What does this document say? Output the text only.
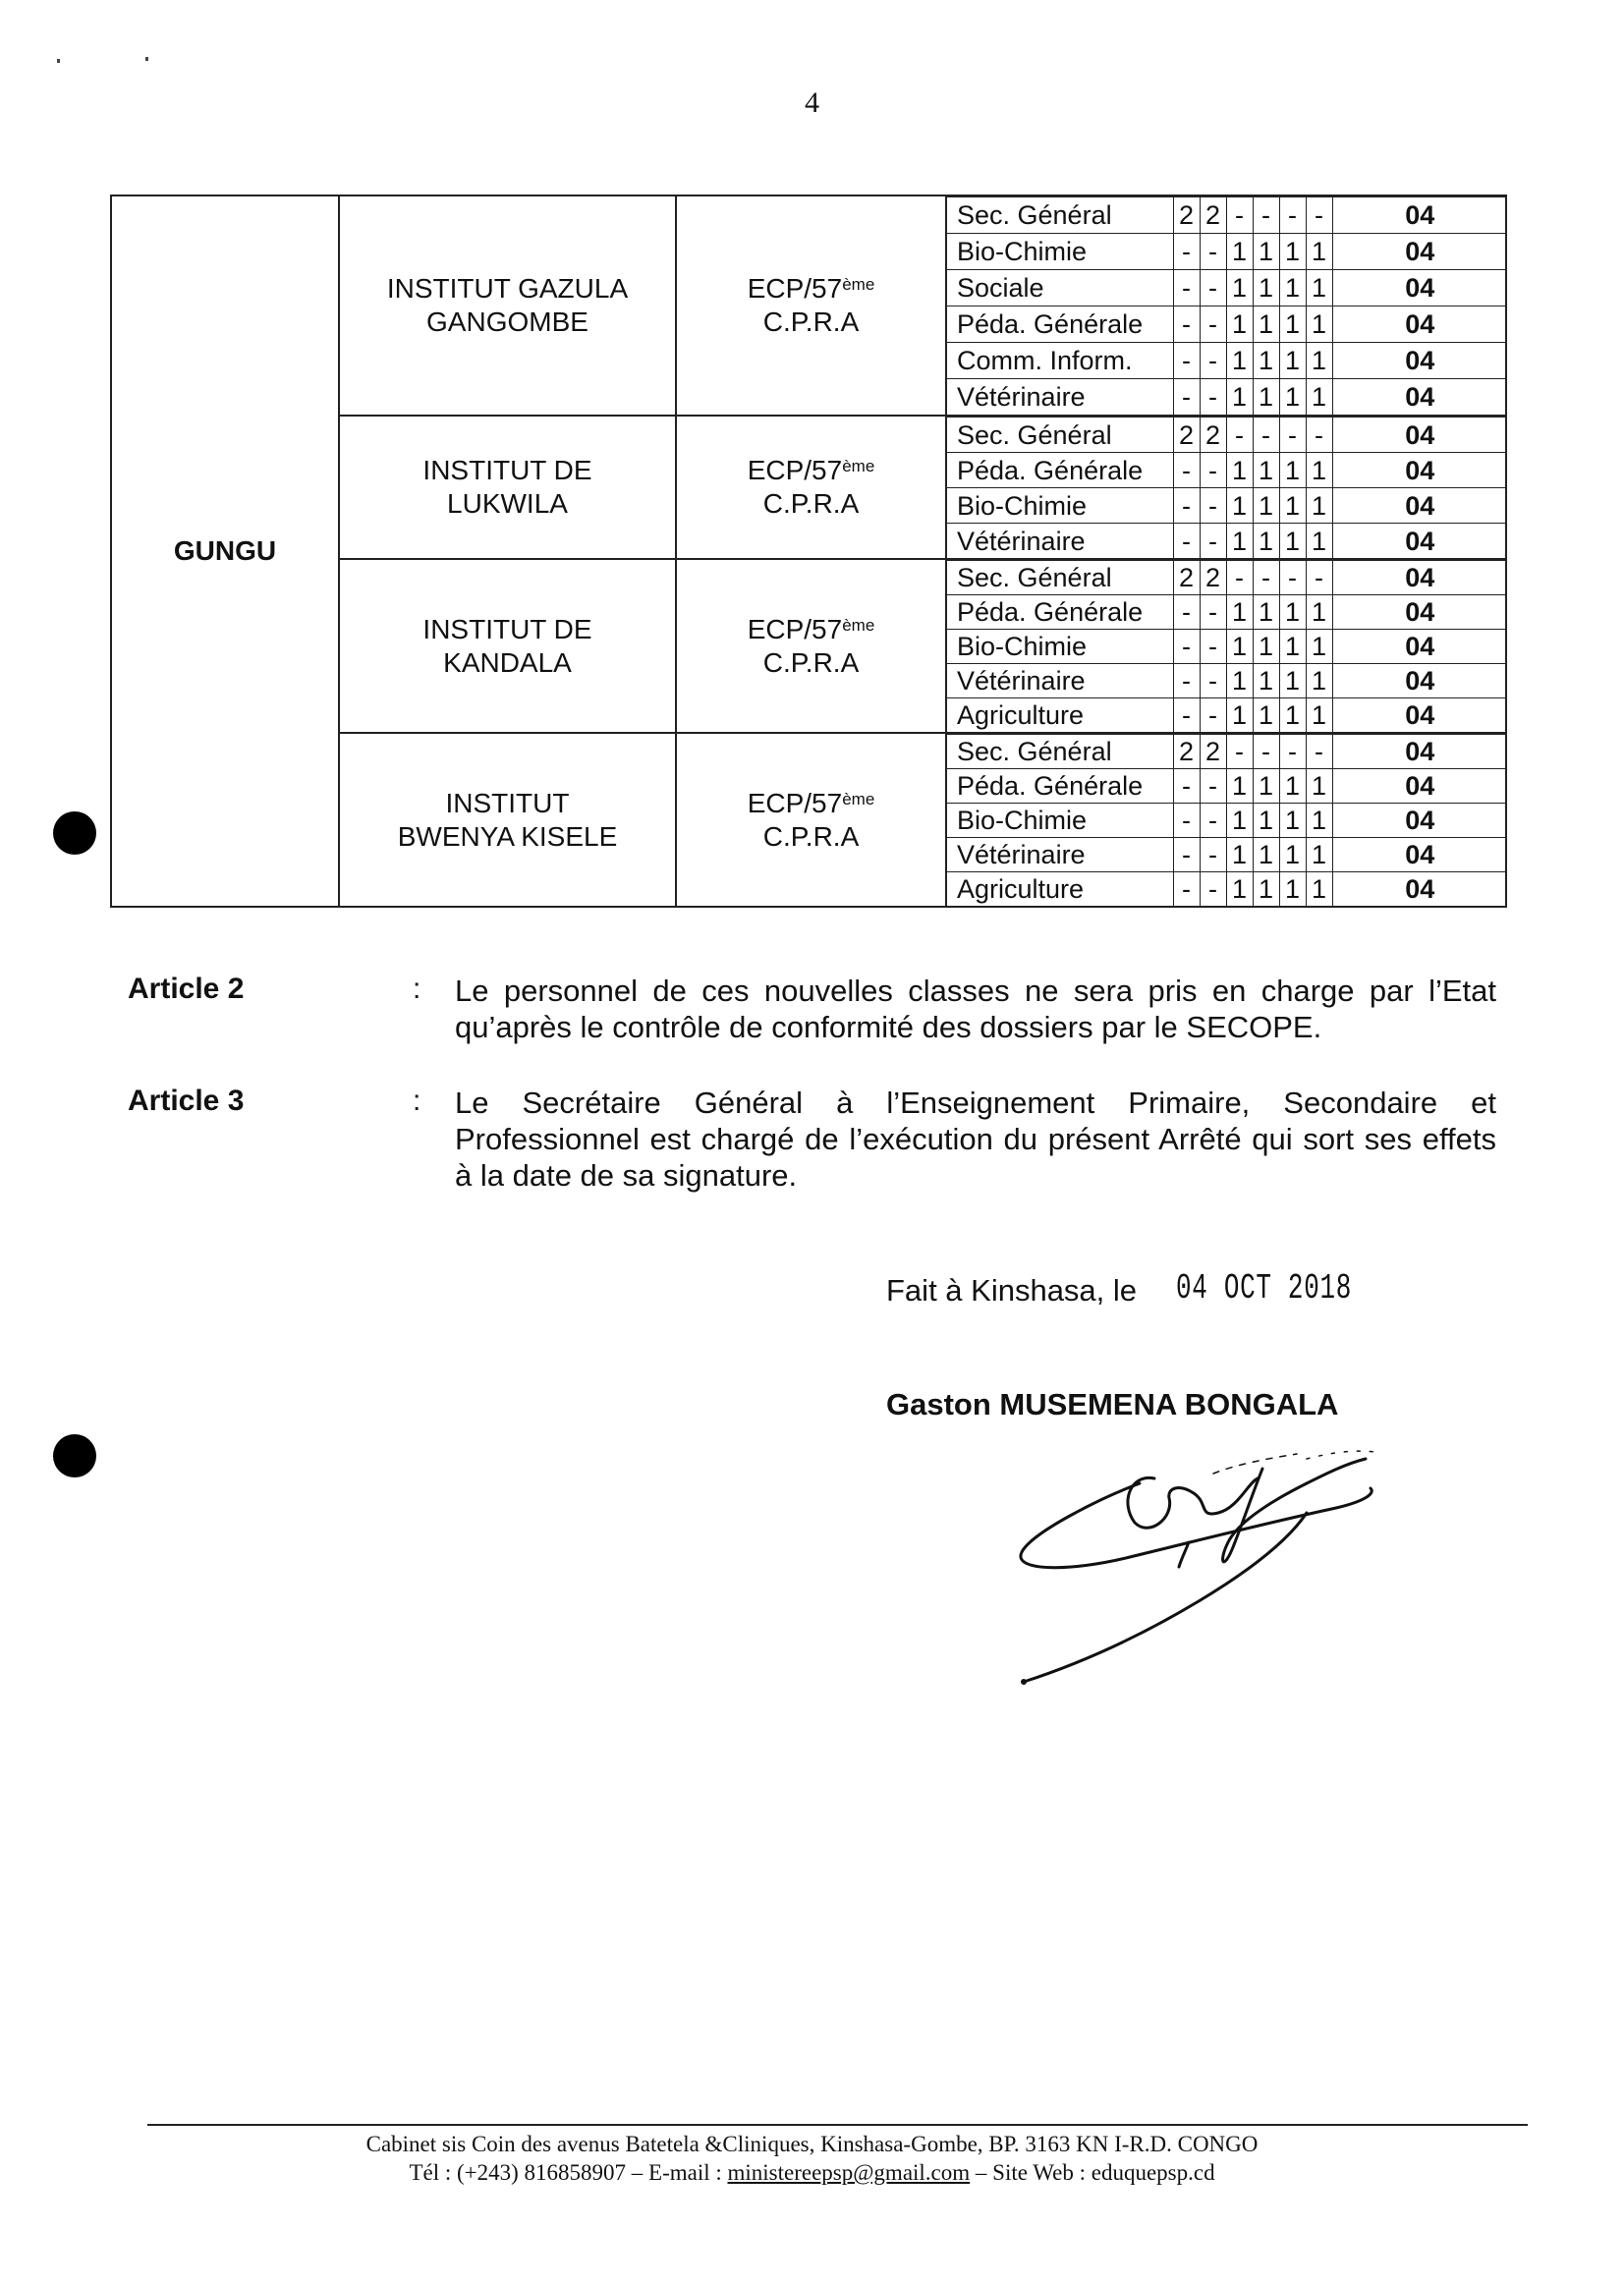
4
GUNGU	
INSTITUT GAZULA
GANGOMBE

ECP/57ème
C.P.R.A

Sec. Général	2	2	-	-	-	-	04
Bio-Chimie	-	-	1	1	1	1	04
Sociale	-	-	1	1	1	1	04
Péda. Générale	-	-	1	1	1	1	04
Comm. Inform.	-	-	1	1	1	1	04
Vétérinaire	-	-	1	1	1	1	04

INSTITUT DE
LUKWILA

ECP/57ème
C.P.R.A

Sec. Général	2	2	-	-	-	-	04
Péda. Générale	-	-	1	1	1	1	04
Bio-Chimie	-	-	1	1	1	1	04
Vétérinaire	-	-	1	1	1	1	04

INSTITUT DE
KANDALA

ECP/57ème
C.P.R.A

Sec. Général	2	2	-	-	-	-	04
Péda. Générale	-	-	1	1	1	1	04
Bio-Chimie	-	-	1	1	1	1	04
Vétérinaire	-	-	1	1	1	1	04
Agriculture	-	-	1	1	1	1	04

INSTITUT
BWENYA KISELE

ECP/57ème
C.P.R.A

Sec. Général	2	2	-	-	-	-	04
Péda. Générale	-	-	1	1	1	1	04
Bio-Chimie	-	-	1	1	1	1	04
Vétérinaire	-	-	1	1	1	1	04
Agriculture	-	-	1	1	1	1	04
Article 2	: Le personnel de ces nouvelles classes ne sera pris en charge par l’Etat qu’après le contrôle de conformité des dossiers par le SECOPE.
Article 3	: Le Secrétaire Général à l’Enseignement Primaire, Secondaire et Professionnel est chargé de l’exécution du présent Arrêté qui sort ses effets à la date de sa signature.
Fait à Kinshasa, le 04 OCT 2018
Gaston MUSEMENA BONGALA
Cabinet sis Coin des avenus Batetela &Cliniques, Kinshasa-Gombe, BP. 3163 KN I-R.D. CONGO
Tél : (+243) 816858907 – E-mail : ministereepsp@gmail.com – Site Web : eduquepsp.cd
